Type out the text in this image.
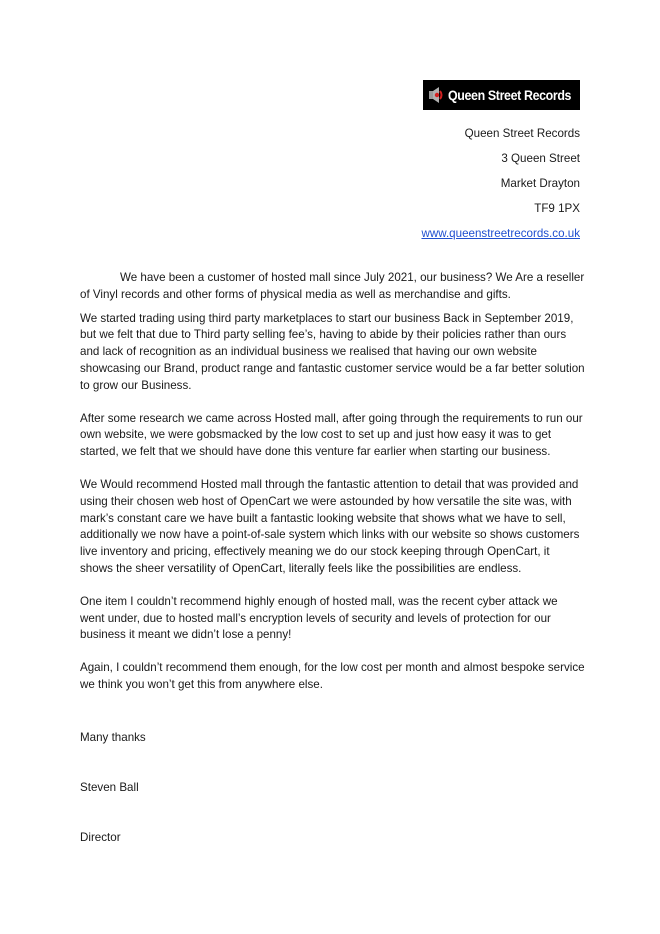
Queen Street Records
Queen Street Records
3 Queen Street
Market Drayton
TF9 1PX
www.queenstreetrecords.co.uk

We have been a customer of hosted mall since July 2021, our business? We Are a reseller of Vinyl records and other forms of physical media as well as merchandise and gifts.

We started trading using third party marketplaces to start our business Back in September 2019, but we felt that due to Third party selling fee’s, having to abide by their policies rather than ours and lack of recognition as an individual business we realised that having our own website showcasing our Brand, product range and fantastic customer service would be a far better solution to grow our Business.

After some research we came across Hosted mall, after going through the requirements to run our own website, we were gobsmacked by the low cost to set up and just how easy it was to get started, we felt that we should have done this venture far earlier when starting our business.

We Would recommend Hosted mall through the fantastic attention to detail that was provided and using their chosen web host of OpenCart we were astounded by how versatile the site was, with mark’s constant care we have built a fantastic looking website that shows what we have to sell, additionally we now have a point-of-sale system which links with our website so shows customers live inventory and pricing, effectively meaning we do our stock keeping through OpenCart, it shows the sheer versatility of OpenCart, literally feels like the possibilities are endless.

One item I couldn’t recommend highly enough of hosted mall, was the recent cyber attack we went under, due to hosted mall’s encryption levels of security and levels of protection for our business it meant we didn’t lose a penny!

Again, I couldn’t recommend them enough, for the low cost per month and almost bespoke service we think you won’t get this from anywhere else.

Many thanks
Steven Ball
Director
